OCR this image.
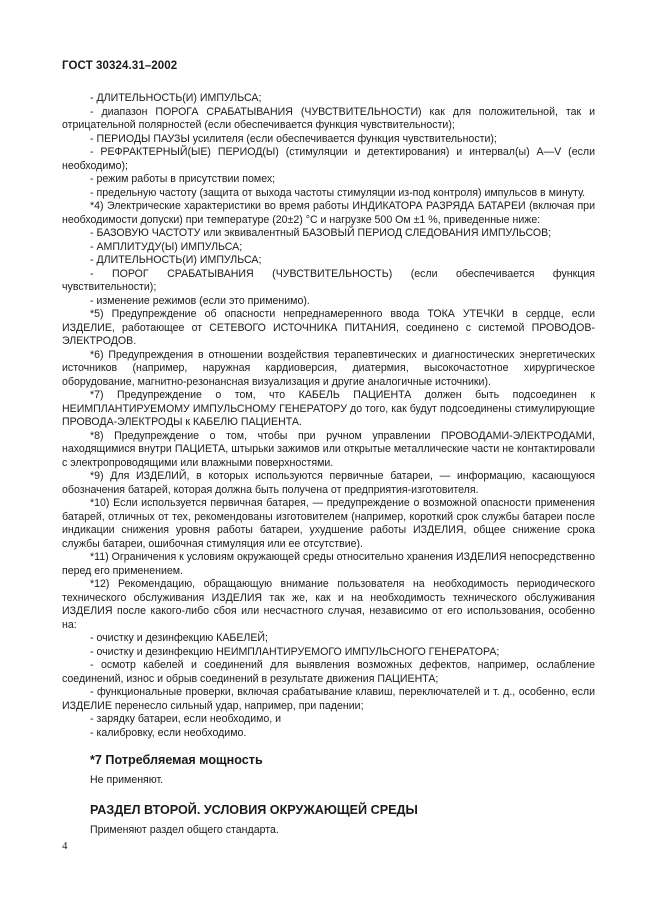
ГОСТ 30324.31–2002

- ДЛИТЕЛЬНОСТЬ(И) ИМПУЛЬСА;

- диапазон ПОРОГА СРАБАТЫВАНИЯ (ЧУВСТВИТЕЛЬНОСТИ) как для положительной, так и отрицательной полярностей (если обеспечивается функция чувствительности);

- ПЕРИОДЫ ПАУЗЫ усилителя (если обеспечивается функция чувствительности);

- РЕФРАКТЕРНЫЙ(ЫЕ) ПЕРИОД(Ы) (стимуляции и детектирования) и интервал(ы) А—V (если необходимо);

- режим работы в присутствии помех;

- предельную частоту (защита от выхода частоты стимуляции из-под контроля) импульсов в минуту.

*4) Электрические характеристики во время работы ИНДИКАТОРА РАЗРЯДА БАТАРЕИ (включая при необходимости допуски) при температуре (20±2) °C и нагрузке 500 Ом ±1 %, приведенные ниже:

- БАЗОВУЮ ЧАСТОТУ или эквивалентный БАЗОВЫЙ ПЕРИОД СЛЕДОВАНИЯ ИМПУЛЬСОВ;

- АМПЛИТУДУ(Ы) ИМПУЛЬСА;

- ДЛИТЕЛЬНОСТЬ(И) ИМПУЛЬСА;

- ПОРОГ СРАБАТЫВАНИЯ (ЧУВСТВИТЕЛЬНОСТЬ) (если обеспечивается функция чувствительности);

- изменение режимов (если это применимо).

*5) Предупреждение об опасности непреднамеренного ввода ТОКА УТЕЧКИ в сердце, если ИЗДЕЛИЕ, работающее от СЕТЕВОГО ИСТОЧНИКА ПИТАНИЯ, соединено с системой ПРОВОДОВ-ЭЛЕКТРОДОВ.

*6) Предупреждения в отношении воздействия терапевтических и диагностических энергетических источников (например, наружная кардиоверсия, диатермия, высокочастотное хирургическое оборудование, магнитно-резонансная визуализация и другие аналогичные источники).

*7) Предупреждение о том, что КАБЕЛЬ ПАЦИЕНТА должен быть подсоединен к НЕИМПЛАНТИРУЕМОМУ ИМПУЛЬСНОМУ ГЕНЕРАТОРУ до того, как будут подсоединены стимулирующие ПРОВОДА-ЭЛЕКТРОДЫ к КАБЕЛЮ ПАЦИЕНТА.

*8) Предупреждение о том, чтобы при ручном управлении ПРОВОДАМИ-ЭЛЕКТРОДАМИ, находящимися внутри ПАЦИЕТА, штырьки зажимов или открытые металлические части не контактировали с электропроводящими или влажными поверхностями.

*9) Для ИЗДЕЛИЙ, в которых используются первичные батареи, — информацию, касающуюся обозначения батарей, которая должна быть получена от предприятия-изготовителя.

*10) Если используется первичная батарея, — предупреждение о возможной опасности применения батарей, отличных от тех, рекомендованы изготовителем (например, короткий срок службы батареи после индикации снижения уровня работы батареи, ухудшение работы ИЗДЕЛИЯ, общее снижение срока службы батареи, ошибочная стимуляция или ее отсутствие).

*11) Ограничения к условиям окружающей среды относительно хранения ИЗДЕЛИЯ непосредственно перед его применением.

*12) Рекомендацию, обращающую внимание пользователя на необходимость периодического технического обслуживания ИЗДЕЛИЯ так же, как и на необходимость технического обслуживания ИЗДЕЛИЯ после какого-либо сбоя или несчастного случая, независимо от его использования, особенно на:

- очистку и дезинфекцию КАБЕЛЕЙ;

- очистку и дезинфекцию НЕИМПЛАНТИРУЕМОГО ИМПУЛЬСНОГО ГЕНЕРАТОРА;

- осмотр кабелей и соединений для выявления возможных дефектов, например, ослабление соединений, износ и обрыв соединений в результате движения ПАЦИЕНТА;

- функциональные проверки, включая срабатывание клавиш, переключателей и т. д., особенно, если ИЗДЕЛИЕ перенесло сильный удар, например, при падении;

- зарядку батареи, если необходимо, и

- калибровку, если необходимо.

*7 Потребляемая мощность

Не применяют.

РАЗДЕЛ ВТОРОЙ. УСЛОВИЯ ОКРУЖАЮЩЕЙ СРЕДЫ

Применяют раздел общего стандарта.

4
